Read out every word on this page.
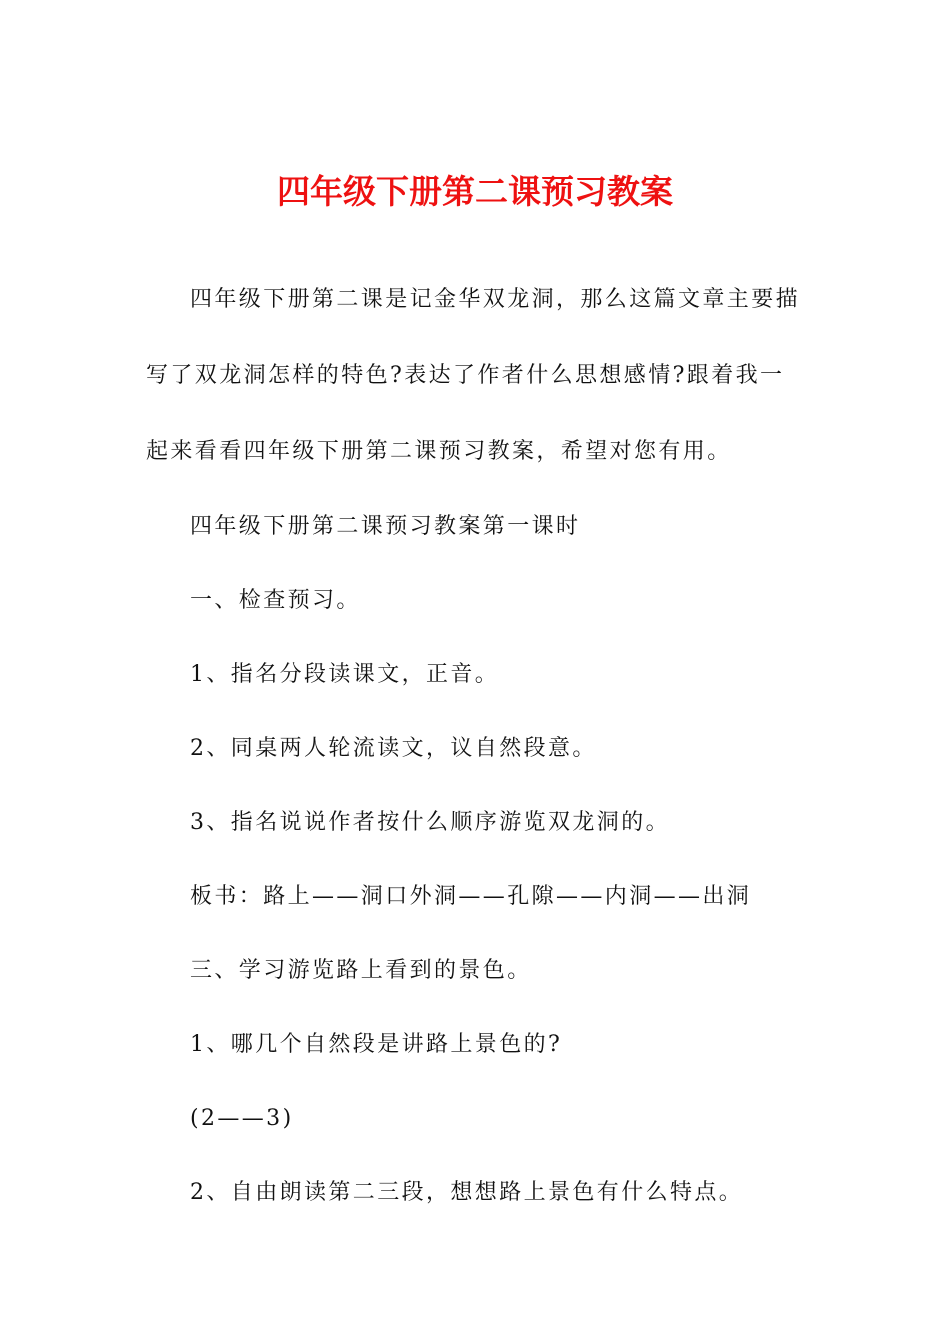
四年级下册第二课预习教案

四年级下册第二课是记金华双龙洞，那么这篇文章主要描写了双龙洞怎样的特色?表达了作者什么思想感情?跟着我一起来看看四年级下册第二课预习教案，希望对您有用。

四年级下册第二课预习教案第一课时

一、检查预习。

1、指名分段读课文，正音。

2、同桌两人轮流读文，议自然段意。

3、指名说说作者按什么顺序游览双龙洞的。

板书：路上——洞口外洞——孔隙——内洞——出洞

三、学习游览路上看到的景色。

1、哪几个自然段是讲路上景色的?

(2——3)

2、自由朗读第二三段，想想路上景色有什么特点。
